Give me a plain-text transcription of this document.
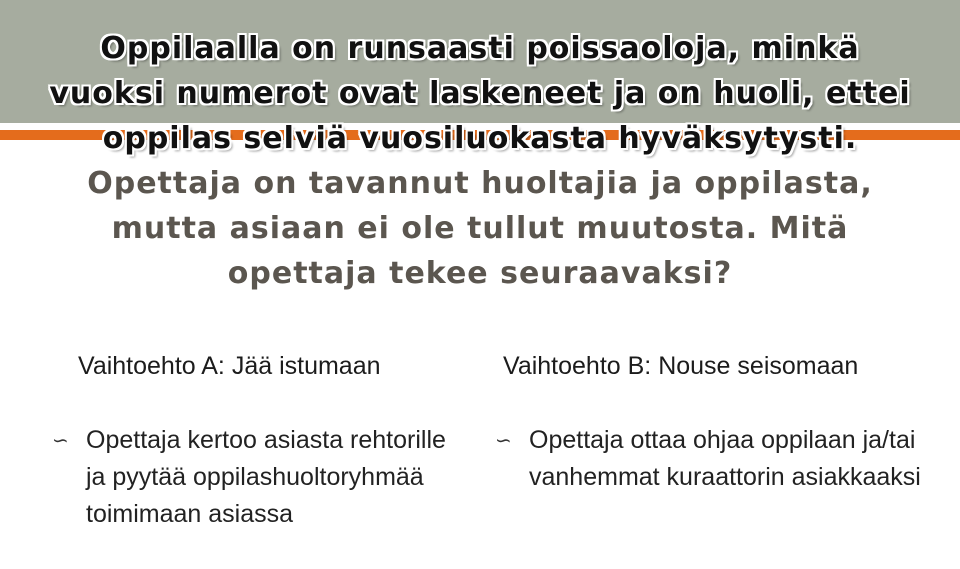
Oppilaalla on runsaasti poissaoloja, minkä vuoksi numerot ovat laskeneet ja on huoli, ettei oppilas selviä vuosiluokasta hyväksytysti. Opettaja on tavannut huoltajia ja oppilasta, mutta asiaan ei ole tullut muutosta. Mitä opettaja tekee seuraavaksi?
Vaihtoehto A: Jää istumaan	Vaihtoehto B: Nouse seisomaan
∽ Opettaja kertoo asiasta rehtorille ja pyytää oppilashuoltoryhmää toimimaan asiassa
∽ Opettaja ottaa ohjaa oppilaan ja/tai vanhemmat kuraattorin asiakkaaksi
